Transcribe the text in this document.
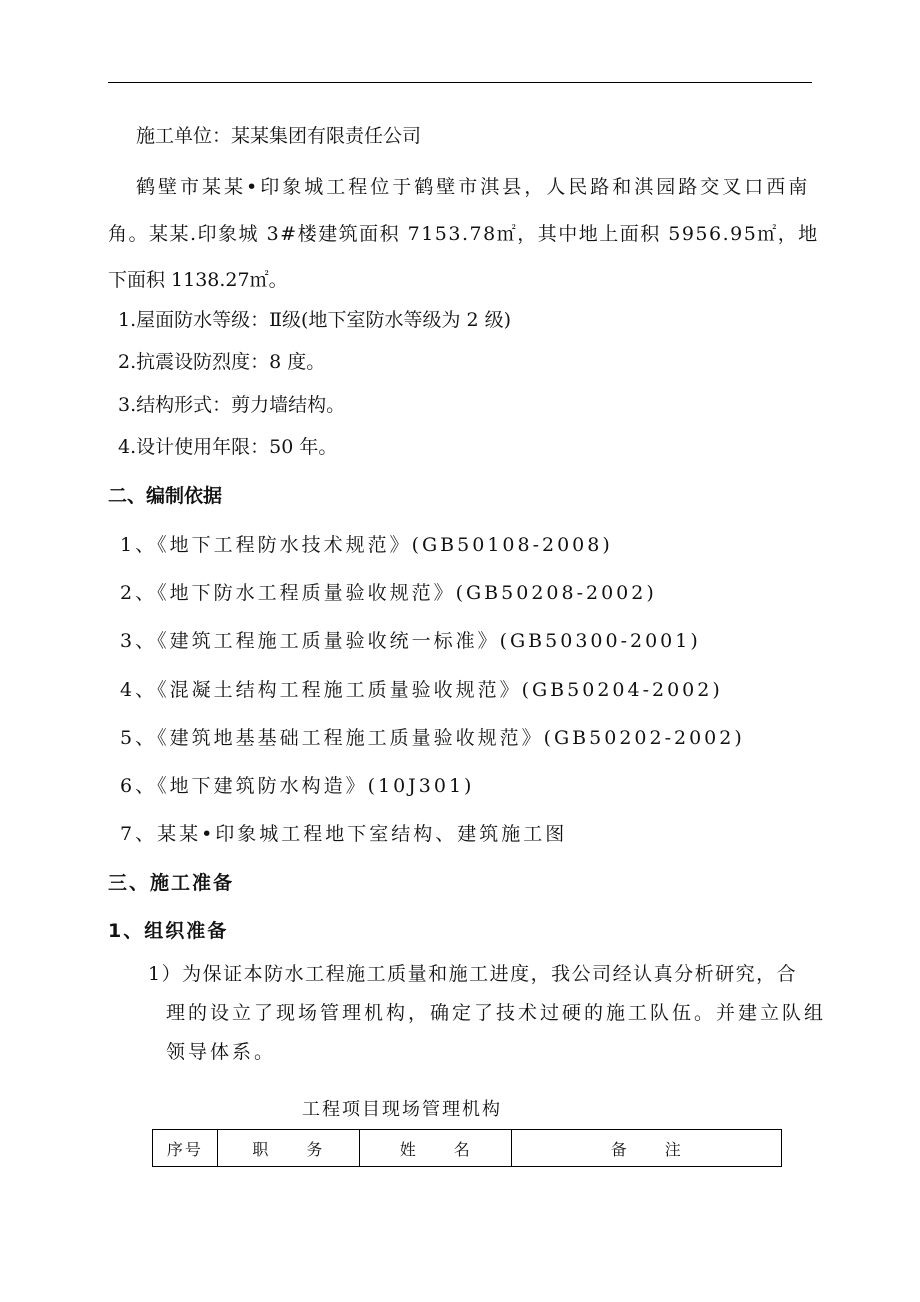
施工单位：某某集团有限责任公司
鹤壁市某某•印象城工程位于鹤壁市淇县，人民路和淇园路交叉口西南
角。某某.印象城 3#楼建筑面积 7153.78㎡，其中地上面积 5956.95㎡，地
下面积 1138.27㎡。
1.屋面防水等级：Ⅱ级(地下室防水等级为 2 级)
2.抗震设防烈度：8 度。
3.结构形式：剪力墙结构。
4.设计使用年限：50 年。
二、编制依据
1、《地下工程防水技术规范》(GB50108-2008)
2、《地下防水工程质量验收规范》(GB50208-2002)
3、《建筑工程施工质量验收统一标准》(GB50300-2001)
4、《混凝土结构工程施工质量验收规范》(GB50204-2002)
5、《建筑地基基础工程施工质量验收规范》(GB50202-2002)
6、《地下建筑防水构造》(10J301)
7、某某•印象城工程地下室结构、建筑施工图
三、施工准备
1、组织准备
1）为保证本防水工程施工质量和施工进度，我公司经认真分析研究，合
理的设立了现场管理机构，确定了技术过硬的施工队伍。并建立队组
领导体系。
工程项目现场管理机构
序号	职　　务	姓　　名	备　　注
